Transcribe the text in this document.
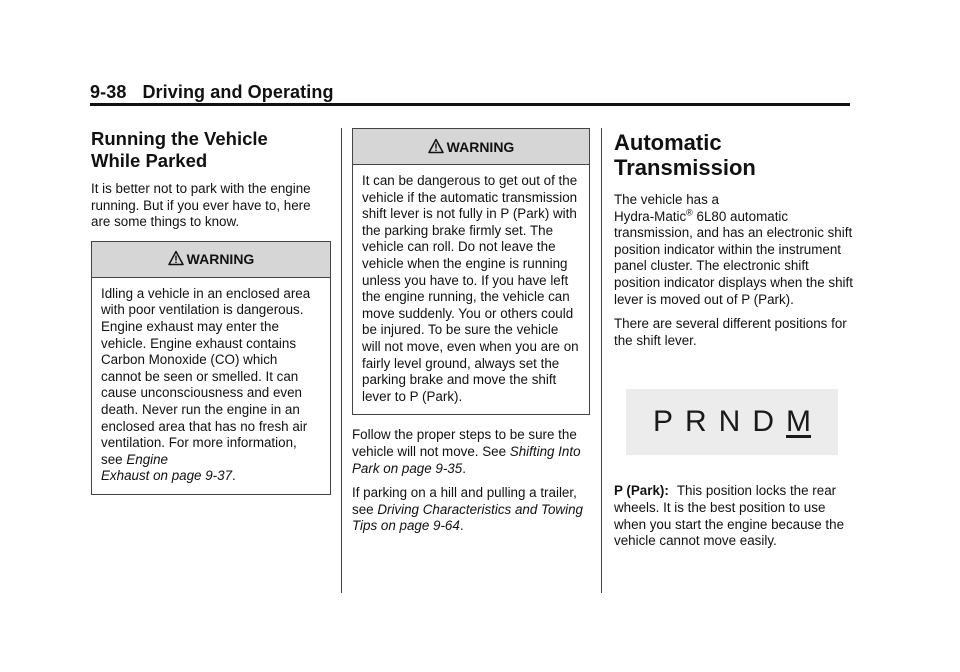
9-38 Driving and Operating
Running the Vehicle
While Parked

It is better not to park with the engine running. But if you ever have to, here are some things to know.

WARNING
Idling a vehicle in an enclosed area with poor ventilation is dangerous. Engine exhaust may enter the vehicle. Engine exhaust contains Carbon Monoxide (CO) which cannot be seen or smelled. It can cause unconsciousness and even death. Never run the engine in an enclosed area that has no fresh air ventilation. For more information, see Engine
Exhaust on page 9-37.
WARNING
It can be dangerous to get out of the vehicle if the automatic transmission shift lever is not fully in P (Park) with the parking brake firmly set. The vehicle can roll. Do not leave the vehicle when the engine is running unless you have to. If you have left the engine running, the vehicle can move suddenly. You or others could be injured. To be sure the vehicle will not move, even when you are on fairly level ground, always set the parking brake and move the shift lever to P (Park).

Follow the proper steps to be sure the vehicle will not move. See Shifting Into Park on page 9-35.

If parking on a hill and pulling a trailer, see Driving Characteristics and Towing Tips on page 9-64.

Automatic
Transmission

The vehicle has a
Hydra-Matic® 6L80 automatic transmission, and has an electronic shift position indicator within the instrument panel cluster. The electronic shift position indicator displays when the shift lever is moved out of P (Park).

There are several different positions for the shift lever.

P R N D M

P (Park): This position locks the rear wheels. It is the best position to use when you start the engine because the vehicle cannot move easily.
